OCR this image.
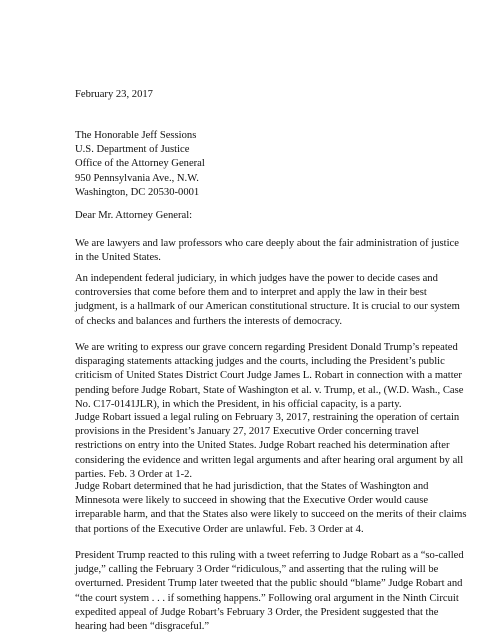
February 23, 2017

The Honorable Jeff Sessions
U.S. Department of Justice
Office of the Attorney General
950 Pennsylvania Ave., N.W.
Washington, DC 20530-0001

Dear Mr. Attorney General:

We are lawyers and law professors who care deeply about the fair administration of justice
in the United States.

An independent federal judiciary, in which judges have the power to decide cases and
controversies that come before them and to interpret and apply the law in their best
judgment, is a hallmark of our American constitutional structure. It is crucial to our system
of checks and balances and furthers the interests of democracy.

We are writing to express our grave concern regarding President Donald Trump’s repeated
disparaging statements attacking judges and the courts, including the President’s public
criticism of United States District Court Judge James L. Robart in connection with a matter
pending before Judge Robart, State of Washington et al. v. Trump, et al., (W.D. Wash., Case
No. C17-0141JLR), in which the President, in his official capacity, is a party.

Judge Robart issued a legal ruling on February 3, 2017, restraining the operation of certain
provisions in the President’s January 27, 2017 Executive Order concerning travel
restrictions on entry into the United States. Judge Robart reached his determination after
considering the evidence and written legal arguments and after hearing oral argument by all
parties. Feb. 3 Order at 1-2.

Judge Robart determined that he had jurisdiction, that the States of Washington and
Minnesota were likely to succeed in showing that the Executive Order would cause
irreparable harm, and that the States also were likely to succeed on the merits of their claims
that portions of the Executive Order are unlawful. Feb. 3 Order at 4.

President Trump reacted to this ruling with a tweet referring to Judge Robart as a “so-called
judge,” calling the February 3 Order “ridiculous,” and asserting that the ruling will be
overturned. President Trump later tweeted that the public should “blame” Judge Robart and
“the court system . . . if something happens.” Following oral argument in the Ninth Circuit
expedited appeal of Judge Robart’s February 3 Order, the President suggested that the
hearing had been “disgraceful.”
